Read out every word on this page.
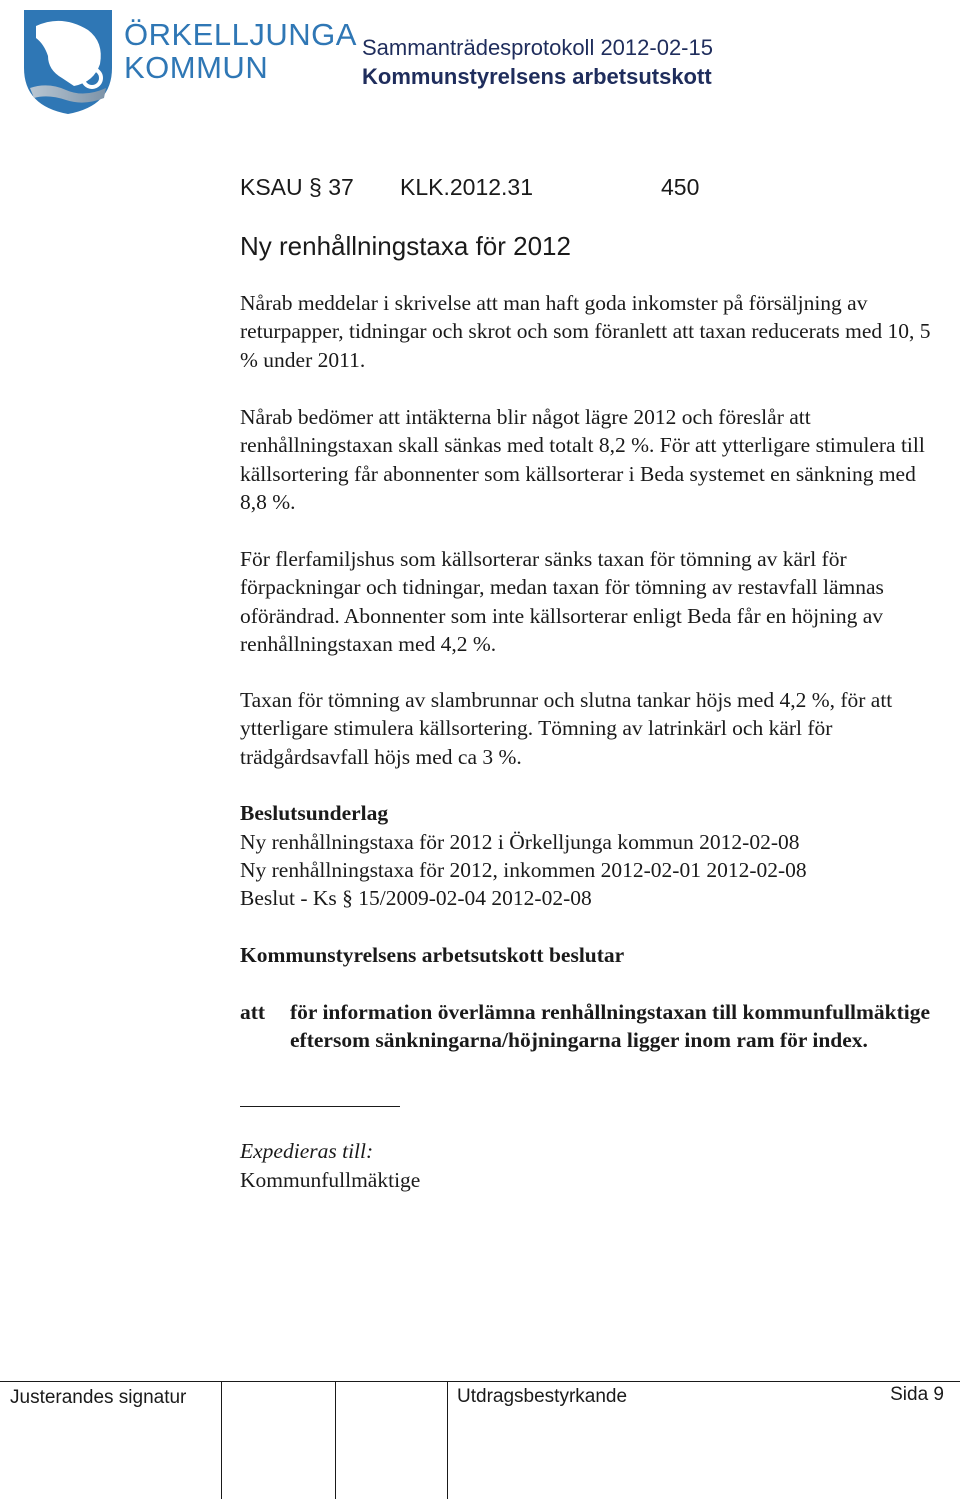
ÖRKELLJUNGA
KOMMUN
Sammanträdesprotokoll 2012-02-15
Kommunstyrelsens arbetsutskott
KSAU § 37 KLK.2012.31	450
Ny renhållningstaxa för 2012
Nårab meddelar i skrivelse att man haft goda inkomster på försäljning av returpapper, tidningar och skrot och som föranlett att taxan reducerats med 10, 5 % under 2011.
Nårab bedömer att intäkterna blir något lägre 2012 och föreslår att renhållningstaxan skall sänkas med totalt 8,2 %. För att ytterligare stimulera till källsortering får abonnenter som källsorterar i Beda systemet en sänkning med 8,8 %.
För flerfamiljshus som källsorterar sänks taxan för tömning av kärl för förpackningar och tidningar, medan taxan för tömning av restavfall lämnas oförändrad. Abonnenter som inte källsorterar enligt Beda får en höjning av renhållningstaxan med 4,2 %.
Taxan för tömning av slambrunnar och slutna tankar höjs med 4,2 %, för att ytterligare stimulera källsortering. Tömning av latrinkärl och kärl för trädgårdsavfall höjs med ca 3 %.
Beslutsunderlag
Ny renhållningstaxa för 2012 i Örkelljunga kommun 2012-02-08
Ny renhållningstaxa för 2012, inkommen 2012-02-01 2012-02-08
Beslut - Ks § 15/2009-02-04 2012-02-08
Kommunstyrelsens arbetsutskott beslutar
att för information överlämna renhållningstaxan till kommunfullmäktige eftersom sänkningarna/höjningarna ligger inom ram för index.
Expedieras till:
Kommunfullmäktige
Justerandes signatur	Utdragsbestyrkande	Sida 9
